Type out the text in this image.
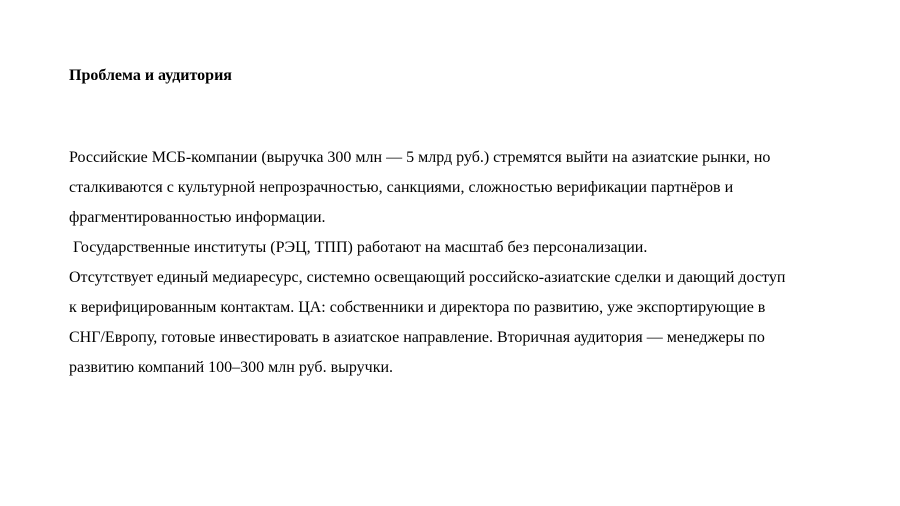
Проблема и аудитория
Российские МСБ-компании (выручка 300 млн — 5 млрд руб.) стремятся выйти на азиатские рынки, но
сталкиваются с культурной непрозрачностью, санкциями, сложностью верификации партнёров и
фрагментированностью информации.
Государственные институты (РЭЦ, ТПП) работают на масштаб без персонализации.
Отсутствует единый медиаресурс, системно освещающий российско-азиатские сделки и дающий доступ
к верифицированным контактам. ЦА: собственники и директора по развитию, уже экспортирующие в
СНГ/Европу, готовые инвестировать в азиатское направление. Вторичная аудитория — менеджеры по
развитию компаний 100–300 млн руб. выручки.
